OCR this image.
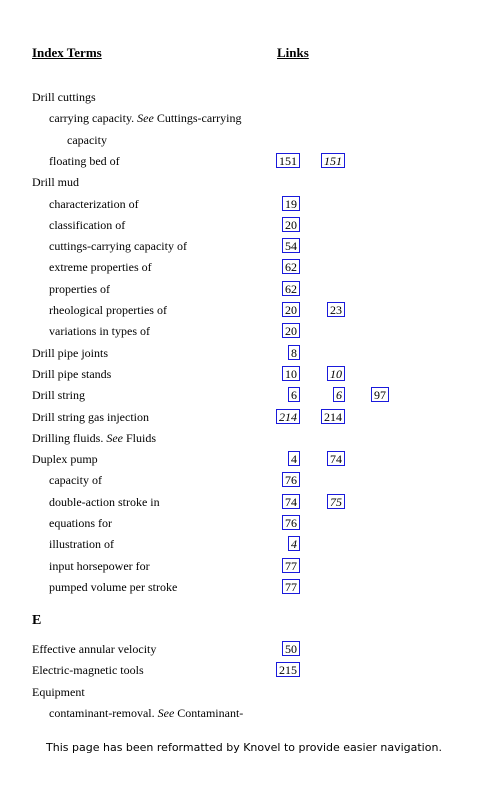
Index Terms	Links
Drill cuttings
carrying capacity. See Cuttings-carrying
capacity
floating bed of	151 151
Drill mud
characterization of	19
classification of	20
cuttings-carrying capacity of	54
extreme properties of	62
properties of	62
rheological properties of	20	23
variations in types of	20
Drill pipe joints	8
Drill pipe stands	10	10
Drill string	6	6	97
Drill string gas injection	214 214
Drilling fluids. See Fluids
Duplex pump	4	74
capacity of	76
double-action stroke in	74	75
equations for	76
illustration of	4
input horsepower for	77
pumped volume per stroke	77
Effective annular velocity	50
Electric-magnetic tools	215
Equipment
contaminant-removal. See Contaminant-
E
This page has been reformatted by Knovel to provide easier navigation.
